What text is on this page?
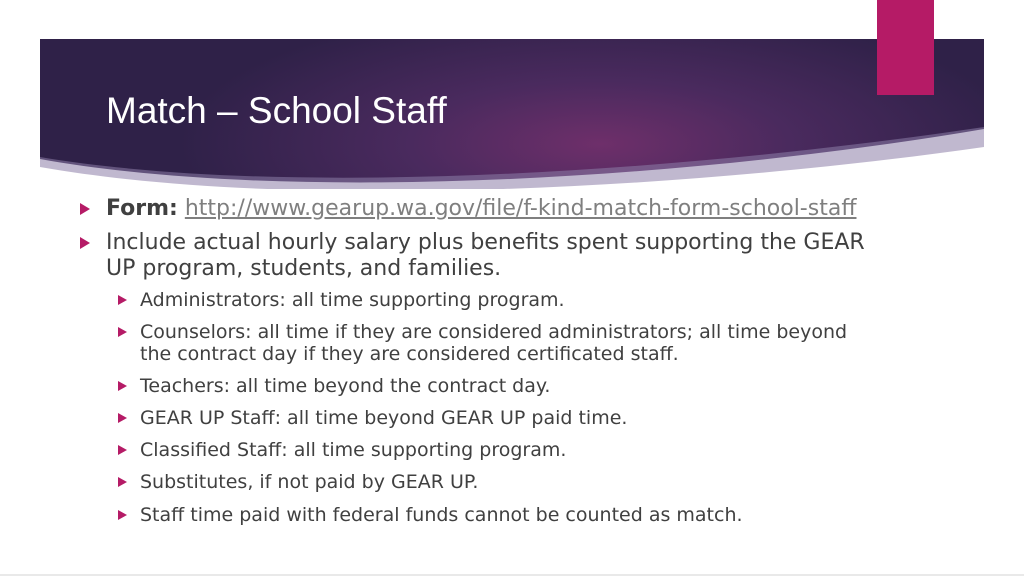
Match – School Staff
Form: http://www.gearup.wa.gov/file/f-kind-match-form-school-staff
Include actual hourly salary plus benefits spent supporting the GEAR
UP program, students, and families.
Administrators: all time supporting program.
Counselors: all time if they are considered administrators; all time beyond
the contract day if they are considered certificated staff.
Teachers: all time beyond the contract day.
GEAR UP Staff: all time beyond GEAR UP paid time.
Classified Staff: all time supporting program.
Substitutes, if not paid by GEAR UP.
Staff time paid with federal funds cannot be counted as match.
